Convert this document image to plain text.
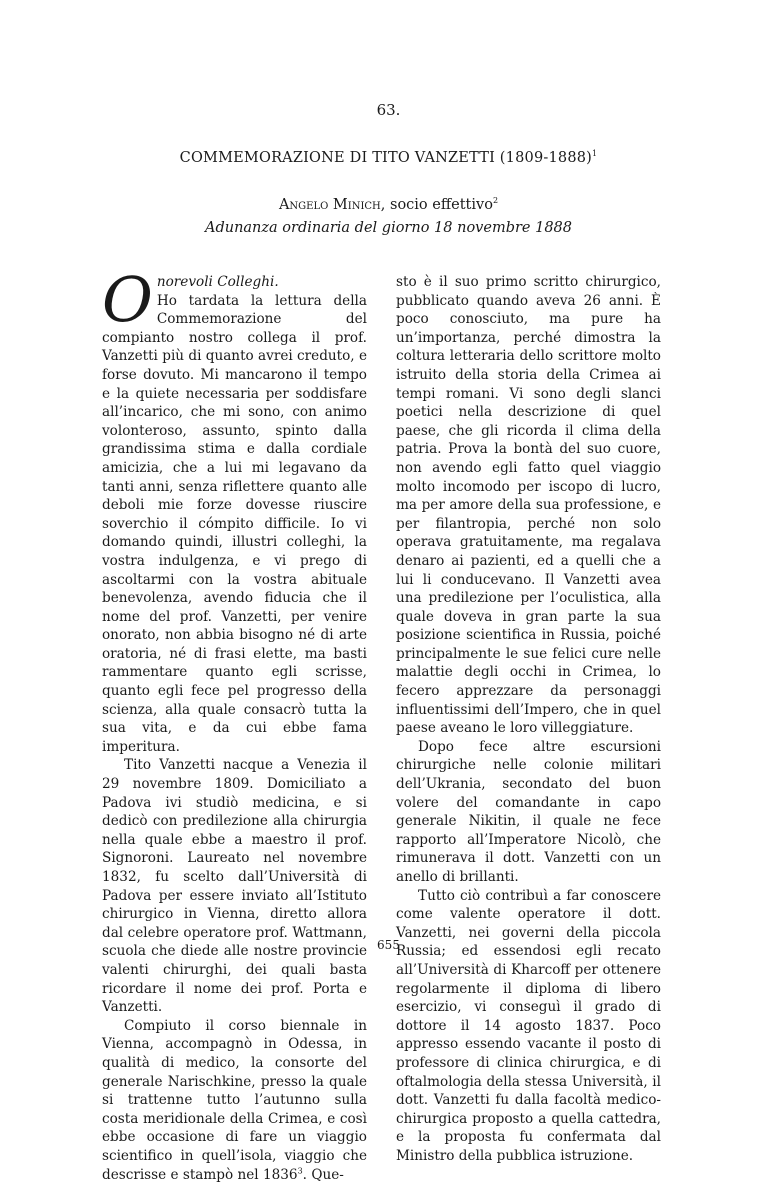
63.
COMMEMORAZIONE DI TITO VANZETTI (1809-1888)$^1$
Angelo Minich, socio effettivo$^2$
Adunanza ordinaria del giorno 18 novembre 1888

Onorevoli Colleghi.
Ho tardata la lettura della Commemorazione del compianto nostro collega il prof. Vanzetti più di quanto avrei creduto, e forse dovuto. Mi mancarono il tempo e la quiete necessaria per soddisfare all’incarico, che mi sono, con animo volonteroso, assunto, spinto dalla grandissima stima e dalla cordiale amicizia, che a lui mi legavano da tanti anni, senza riflettere quanto alle deboli mie forze dovesse riuscire soverchio il cómpito difficile. Io vi domando quindi, illustri colleghi, la vostra indulgenza, e vi prego di ascoltarmi con la vostra abituale benevolenza, avendo fiducia che il nome del prof. Vanzetti, per venire onorato, non abbia bisogno né di arte oratoria, né di frasi elette, ma basti rammentare quanto egli scrisse, quanto egli fece pel progresso della scienza, alla quale consacrò tutta la sua vita, e da cui ebbe fama imperitura.

Tito Vanzetti nacque a Venezia il 29 novembre 1809. Domiciliato a Padova ivi studiò medicina, e si dedicò con predilezione alla chirurgia nella quale ebbe a maestro il prof. Signoroni. Laureato nel novembre 1832, fu scelto dall’Università di Padova per essere inviato all’Istituto chirurgico in Vienna, diretto allora dal celebre operatore prof. Wattmann, scuola che diede alle nostre provincie valenti chirurghi, dei quali basta ricordare il nome dei prof. Porta e Vanzetti.

Compiuto il corso biennale in Vienna, accompagnò in Odessa, in qualità di medico, la consorte del generale Narischkine, presso la quale si trattenne tutto l’autunno sulla costa meridionale della Crimea, e così ebbe occasione di fare un viaggio scientifico in quell’isola, viaggio che descrisse e stampò nel 1836$^3$. Que-

sto è il suo primo scritto chirurgico, pubblicato quando aveva 26 anni. È poco conosciuto, ma pure ha un’importanza, perché dimostra la coltura letteraria dello scrittore molto istruito della storia della Crimea ai tempi romani. Vi sono degli slanci poetici nella descrizione di quel paese, che gli ricorda il clima della patria. Prova la bontà del suo cuore, non avendo egli fatto quel viaggio molto incomodo per iscopo di lucro, ma per amore della sua professione, e per filantropia, perché non solo operava gratuitamente, ma regalava denaro ai pazienti, ed a quelli che a lui li conducevano. Il Vanzetti avea una predilezione per l’oculistica, alla quale doveva in gran parte la sua posizione scientifica in Russia, poiché principalmente le sue felici cure nelle malattie degli occhi in Crimea, lo fecero apprezzare da personaggi influentissimi dell’Impero, che in quel paese aveano le loro villeggiature.

Dopo fece altre escursioni chirurgiche nelle colonie militari dell’Ukrania, secondato del buon volere del comandante in capo generale Nikitin, il quale ne fece rapporto all’Imperatore Nicolò, che rimunerava il dott. Vanzetti con un anello di brillanti.

Tutto ciò contribuì a far conoscere come valente operatore il dott. Vanzetti, nei governi della piccola Russia; ed essendosi egli recato all’Università di Kharcoff per ottenere regolarmente il diploma di libero esercizio, vi conseguì il grado di dottore il 14 agosto 1837. Poco appresso essendo vacante il posto di professore di clinica chirurgica, e di oftalmologia della stessa Università, il dott. Vanzetti fu dalla facoltà medico-chirurgica proposto a quella cattedra, e la proposta fu confermata dal Ministro della pubblica istruzione.

655
